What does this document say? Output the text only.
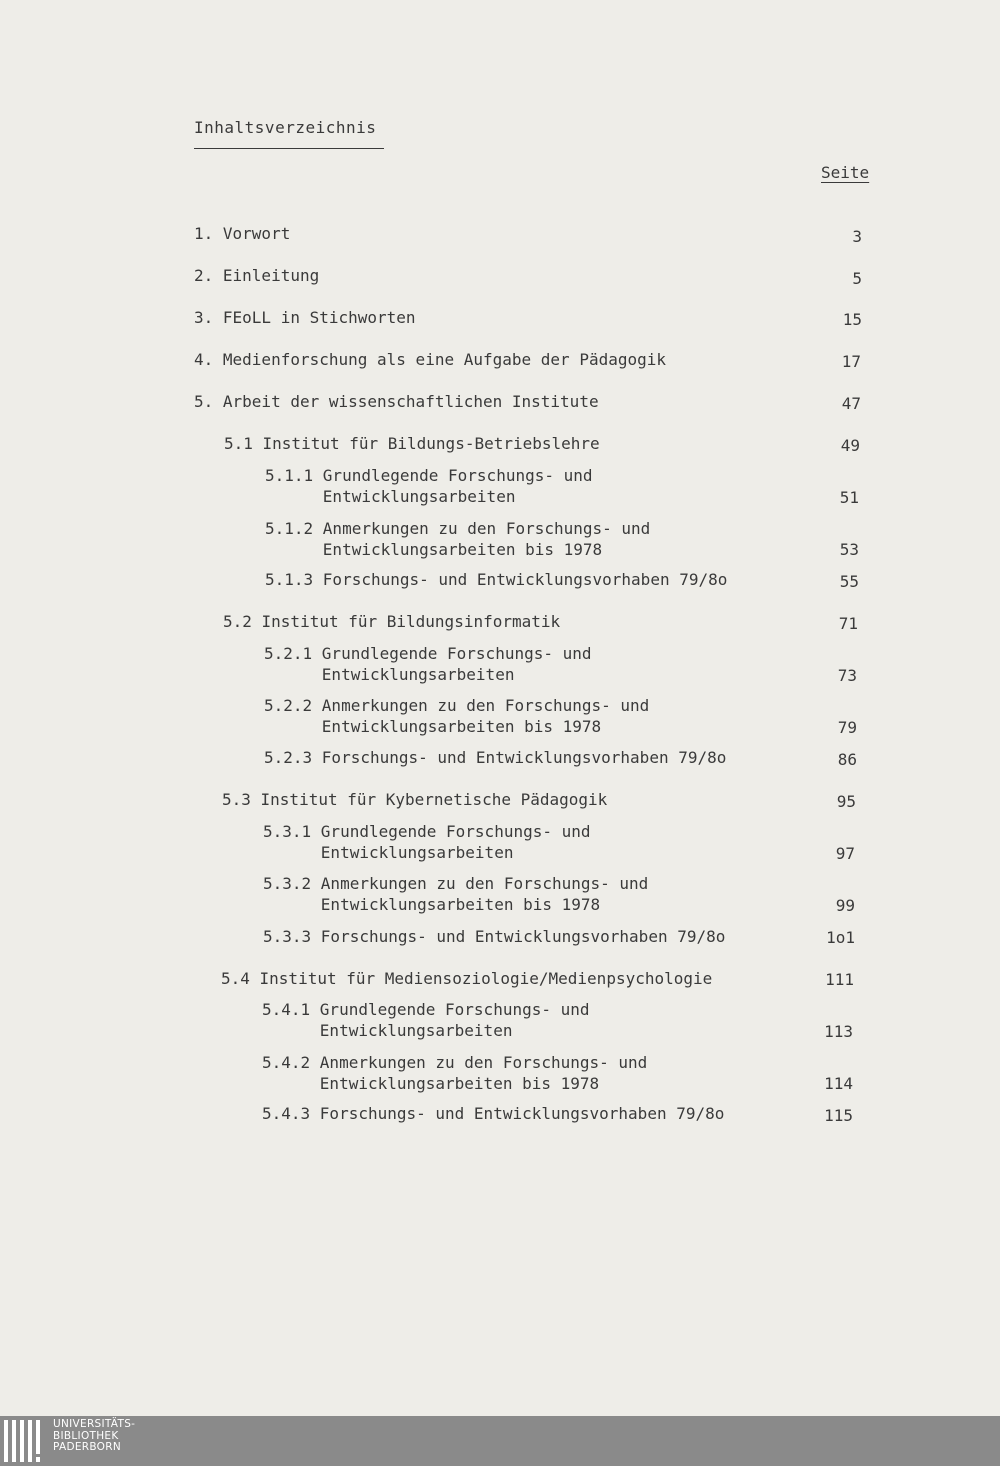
Inhaltsverzeichnis
Seite
1. Vorwort	3
2. Einleitung	5
3. FEoLL in Stichworten	15
4. Medienforschung als eine Aufgabe der Pädagogik	17
5. Arbeit der wissenschaftlichen Institute	47
5.1 Institut für Bildungs-Betriebslehre	49
5.1.1 Grundlegende Forschungs- und
Entwicklungsarbeiten	51
5.1.2 Anmerkungen zu den Forschungs- und
Entwicklungsarbeiten bis 1978	53
5.1.3 Forschungs- und Entwicklungsvorhaben 79/8o	55
5.2 Institut für Bildungsinformatik	71
5.2.1 Grundlegende Forschungs- und
Entwicklungsarbeiten	73
5.2.2 Anmerkungen zu den Forschungs- und
Entwicklungsarbeiten bis 1978	79
5.2.3 Forschungs- und Entwicklungsvorhaben 79/8o	86
5.3 Institut für Kybernetische Pädagogik	95
5.3.1 Grundlegende Forschungs- und
Entwicklungsarbeiten	97
5.3.2 Anmerkungen zu den Forschungs- und
Entwicklungsarbeiten bis 1978	99
5.3.3 Forschungs- und Entwicklungsvorhaben 79/8o	1o1
5.4 Institut für Mediensoziologie/Medienpsychologie	111
5.4.1 Grundlegende Forschungs- und
Entwicklungsarbeiten	113
5.4.2 Anmerkungen zu den Forschungs- und
Entwicklungsarbeiten bis 1978	114
5.4.3 Forschungs- und Entwicklungsvorhaben 79/8o	115
UNIVERSITÄTS-
BIBLIOTHEK
PADERBORN
